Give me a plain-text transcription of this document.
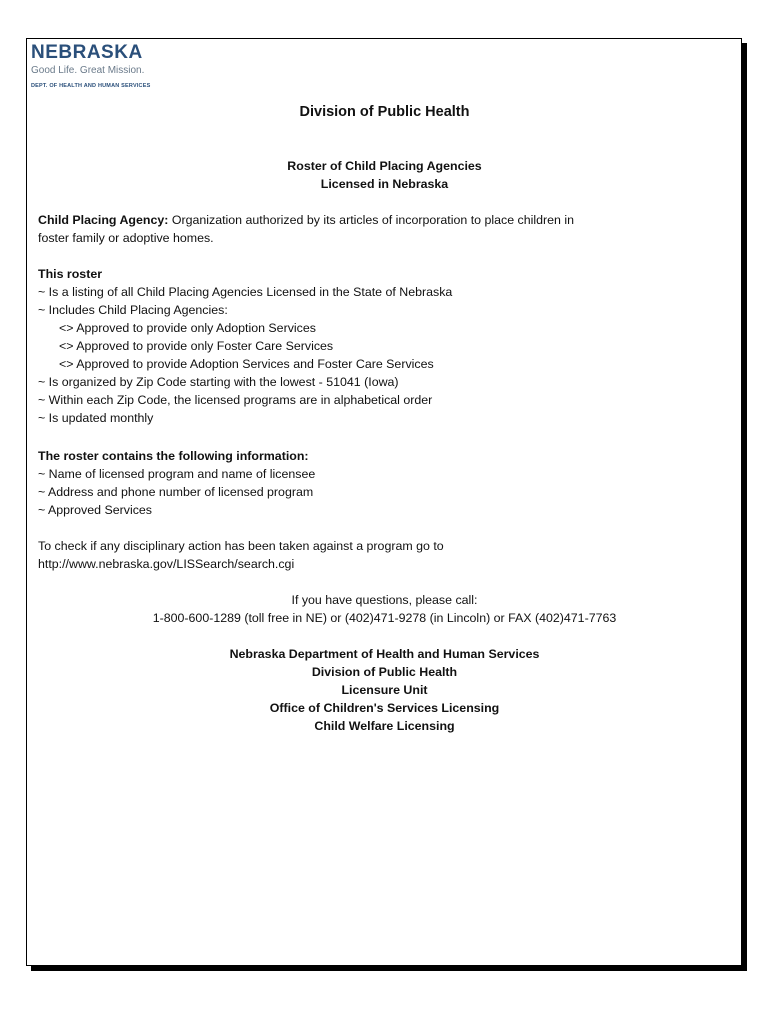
NEBRASKA
Good Life. Great Mission.
DEPT. OF HEALTH AND HUMAN SERVICES
Division of Public Health
Roster of Child Placing Agencies
Licensed in Nebraska
Child Placing Agency: Organization authorized by its articles of incorporation to place children in
foster family or adoptive homes.
This roster
~ Is a listing of all Child Placing Agencies Licensed in the State of Nebraska
~ Includes Child Placing Agencies:
<> Approved to provide only Adoption Services
<> Approved to provide only Foster Care Services
<> Approved to provide Adoption Services and Foster Care Services
~ Is organized by Zip Code starting with the lowest - 51041 (Iowa)
~ Within each Zip Code, the licensed programs are in alphabetical order
~ Is updated monthly
The roster contains the following information:
~ Name of licensed program and name of licensee
~ Address and phone number of licensed program
~ Approved Services
To check if any disciplinary action has been taken against a program go to
http://www.nebraska.gov/LISSearch/search.cgi
If you have questions, please call:
1-800-600-1289 (toll free in NE) or (402)471-9278 (in Lincoln) or FAX (402)471-7763
Nebraska Department of Health and Human Services
Division of Public Health
Licensure Unit
Office of Children's Services Licensing
Child Welfare Licensing
